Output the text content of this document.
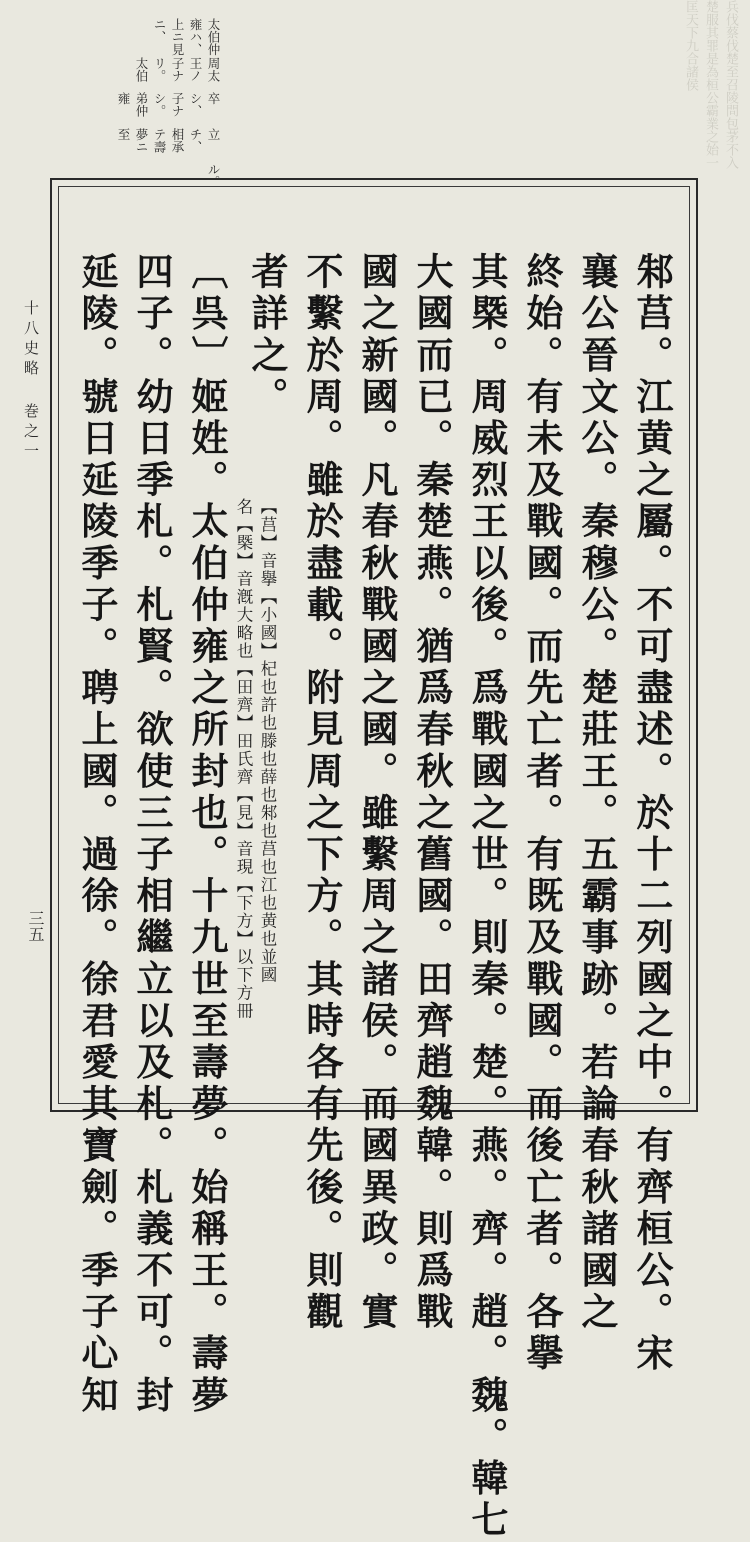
兵伐蔡伐楚至召陵問包茅不入楚服其罪是為桓公霸業之始一匡天下九合諸侯
太伯仲雍ハ、上ニ見ニ、
周太王ノ子ナリ。太伯
卒シ、子ナシ。弟仲雍
立チ、相承テ壽夢ニ至
ル。
十八史略 巻之一
三五	邾莒。江黄之屬。不可盡述。於十二列國之中。有齊桓公。宋
襄公晉文公。秦穆公。楚莊王。五霸事跡。若論春秋諸國之
終始。有未及戰國。而先亡者。有既及戰國。而後亡者。各擧
其槩。周威烈王以後。爲戰國之世。則秦。楚。燕。齊。趙。魏。韓七
大國而已。秦楚燕。猶爲春秋之舊國。田齊趙魏韓。則爲戰
國之新國。凡春秋戰國之國。雖繫周之諸侯。而國異政。實
不繫於周。雖於盡載。附見周之下方。其時各有先後。則觀
者詳之。
【莒】音擧【小國】杞也許也滕也薛也邾也莒也江也黄也並國
名【槩】音漑大略也【田齊】田氏齊【見】音現【下方】以下方冊
〔呉〕姬姓。太伯仲雍之所封也。十九世至壽夢。始稱王。壽夢
四子。幼日季札。札賢。欲使三子相繼立以及札。札義不可。封
延陵。號日延陵季子。聘上國。過徐。徐君愛其寶劍。季子心知
